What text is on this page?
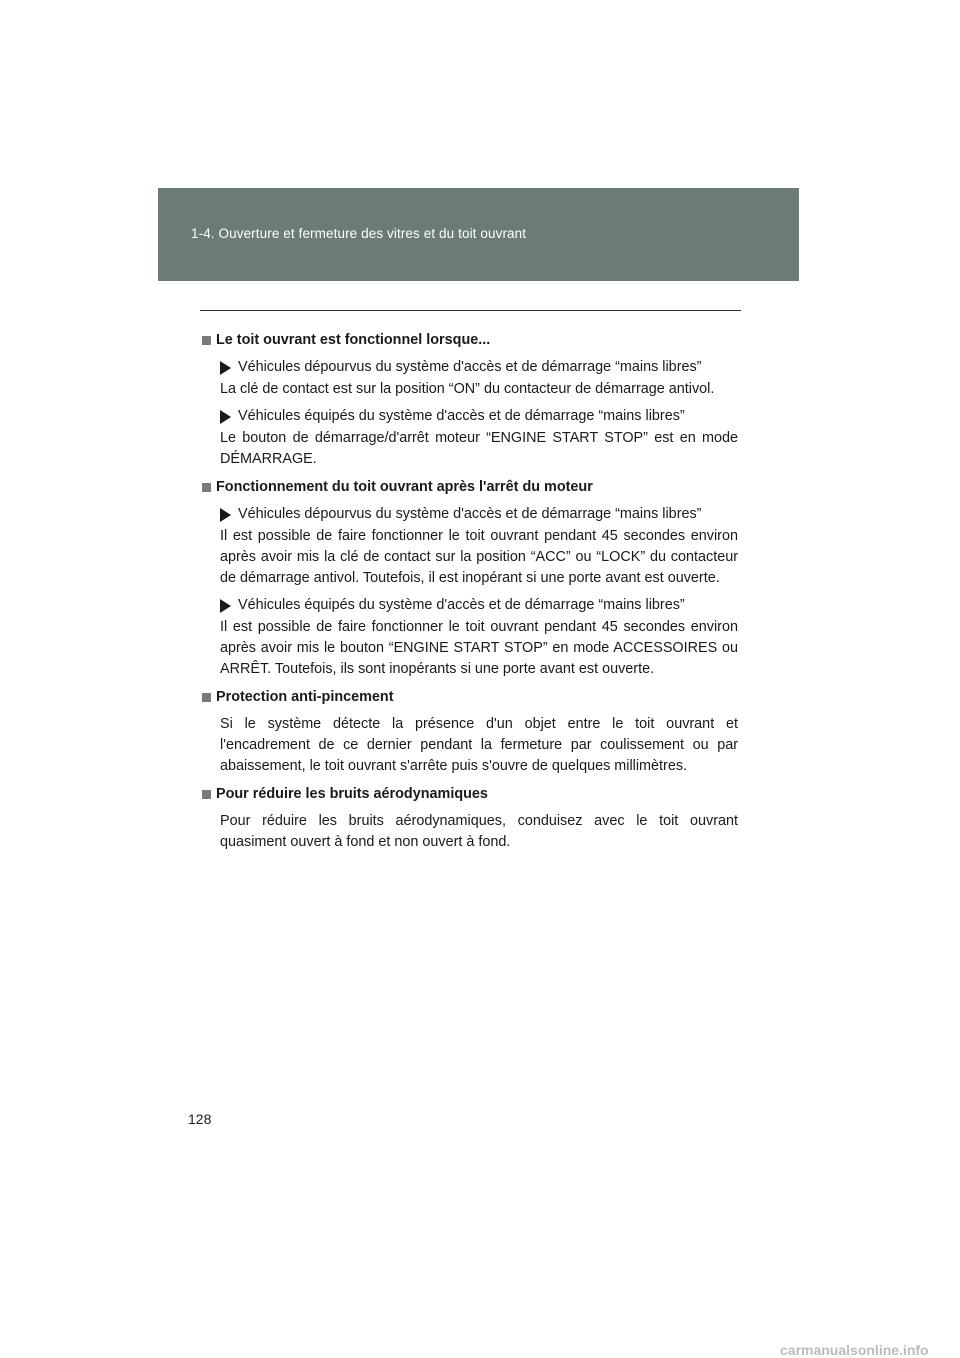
1-4. Ouverture et fermeture des vitres et du toit ouvrant
Le toit ouvrant est fonctionnel lorsque...
Véhicules dépourvus du système d'accès et de démarrage “mains libres”
La clé de contact est sur la position “ON” du contacteur de démarrage antivol.
Véhicules équipés du système d'accès et de démarrage “mains libres”
Le bouton de démarrage/d'arrêt moteur “ENGINE START STOP” est en mode DÉMARRAGE.
Fonctionnement du toit ouvrant après l'arrêt du moteur
Véhicules dépourvus du système d'accès et de démarrage “mains libres”
Il est possible de faire fonctionner le toit ouvrant pendant 45 secondes environ après avoir mis la clé de contact sur la position “ACC” ou “LOCK” du contacteur de démarrage antivol. Toutefois, il est inopérant si une porte avant est ouverte.
Véhicules équipés du système d'accès et de démarrage “mains libres”
Il est possible de faire fonctionner le toit ouvrant pendant 45 secondes environ après avoir mis le bouton “ENGINE START STOP” en mode ACCESSOIRES ou ARRÊT. Toutefois, ils sont inopérants si une porte avant est ouverte.
Protection anti-pincement
Si le système détecte la présence d'un objet entre le toit ouvrant et l'encadrement de ce dernier pendant la fermeture par coulissement ou par abaissement, le toit ouvrant s'arrête puis s'ouvre de quelques millimètres.
Pour réduire les bruits aérodynamiques
Pour réduire les bruits aérodynamiques, conduisez avec le toit ouvrant quasiment ouvert à fond et non ouvert à fond.
128
carmanualsonline.info
